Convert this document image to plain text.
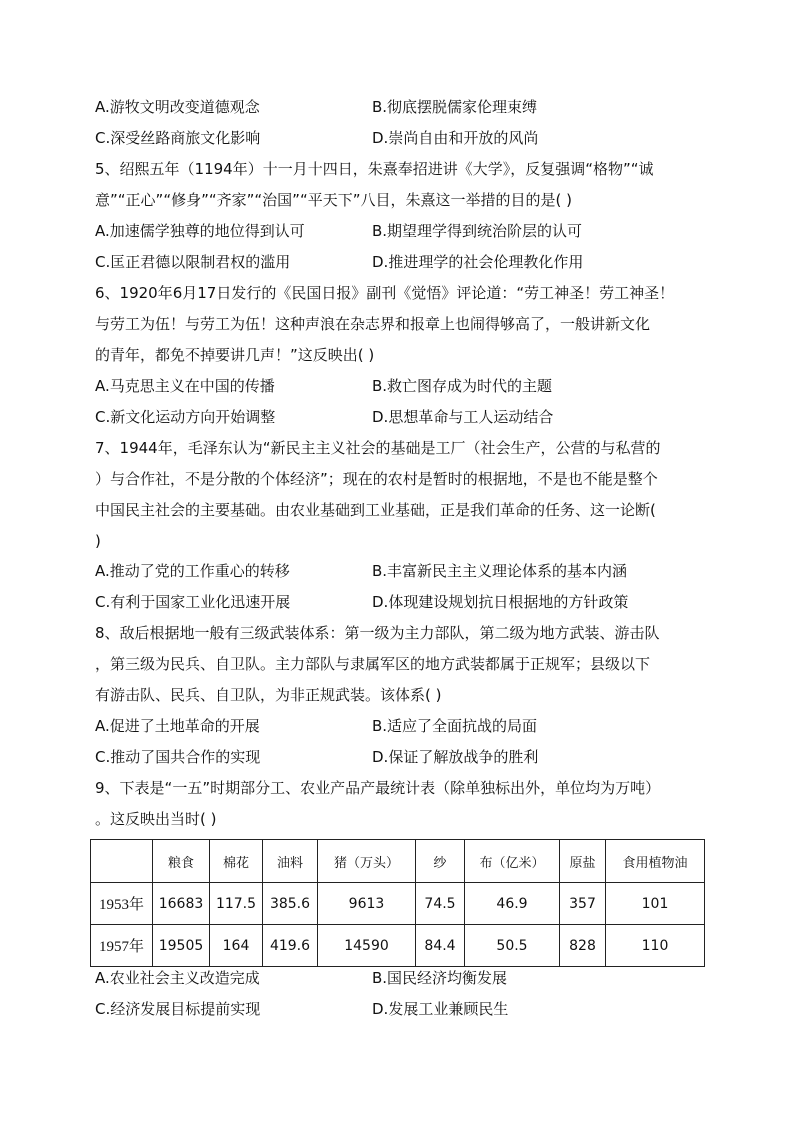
A.游牧文明改变道德观念	B.彻底摆脱儒家伦理束缚
C.深受丝路商旅文化影响	D.崇尚自由和开放的风尚
5、绍熙五年（1194年）十一月十四日，朱熹奉招进讲《大学》，反复强调“格物”“诚
意”“正心”“修身”“齐家”“治国”“平天下”八目，朱熹这一举措的目的是( )
A.加速儒学独尊的地位得到认可	B.期望理学得到统治阶层的认可
C.匡正君德以限制君权的滥用	D.推进理学的社会伦理教化作用
6、1920年6月17日发行的《民国日报》副刊《觉悟》评论道：“劳工神圣！劳工神圣！
与劳工为伍！与劳工为伍！这种声浪在杂志界和报章上也闹得够高了，一般讲新文化
的青年，都免不掉要讲几声！”这反映出( )
A.马克思主义在中国的传播	B.救亡图存成为时代的主题
C.新文化运动方向开始调整	D.思想革命与工人运动结合
7、1944年，毛泽东认为“新民主主义社会的基础是工厂（社会生产，公营的与私营的
）与合作社，不是分散的个体经济”；现在的农村是暂时的根据地，不是也不能是整个
中国民主社会的主要基础。由农业基础到工业基础，正是我们革命的任务、这一论断(
)
A.推动了党的工作重心的转移	B.丰富新民主主义理论体系的基本内涵
C.有利于国家工业化迅速开展	D.体现建设规划抗日根据地的方针政策
8、敌后根据地一般有三级武装体系：第一级为主力部队，第二级为地方武装、游击队
，第三级为民兵、自卫队。主力部队与隶属军区的地方武装都属于正规军；县级以下
有游击队、民兵、自卫队，为非正规武装。该体系( )
A.促进了土地革命的开展	B.适应了全面抗战的局面
C.推动了国共合作的实现	D.保证了解放战争的胜利
9、下表是“一五”时期部分工、农业产品产最统计表（除单独标出外，单位均为万吨）
。这反映出当时( )
	粮食	棉花	油料	猪（万头）	纱	布（亿米）	原盐	食用植物油
1953年	16683	117.5	385.6	9613	74.5	46.9	357	101
1957年	19505	164	419.6	14590	84.4	50.5	828	110
A.农业社会主义改造完成	B.国民经济均衡发展
C.经济发展目标提前实现	D.发展工业兼顾民生
